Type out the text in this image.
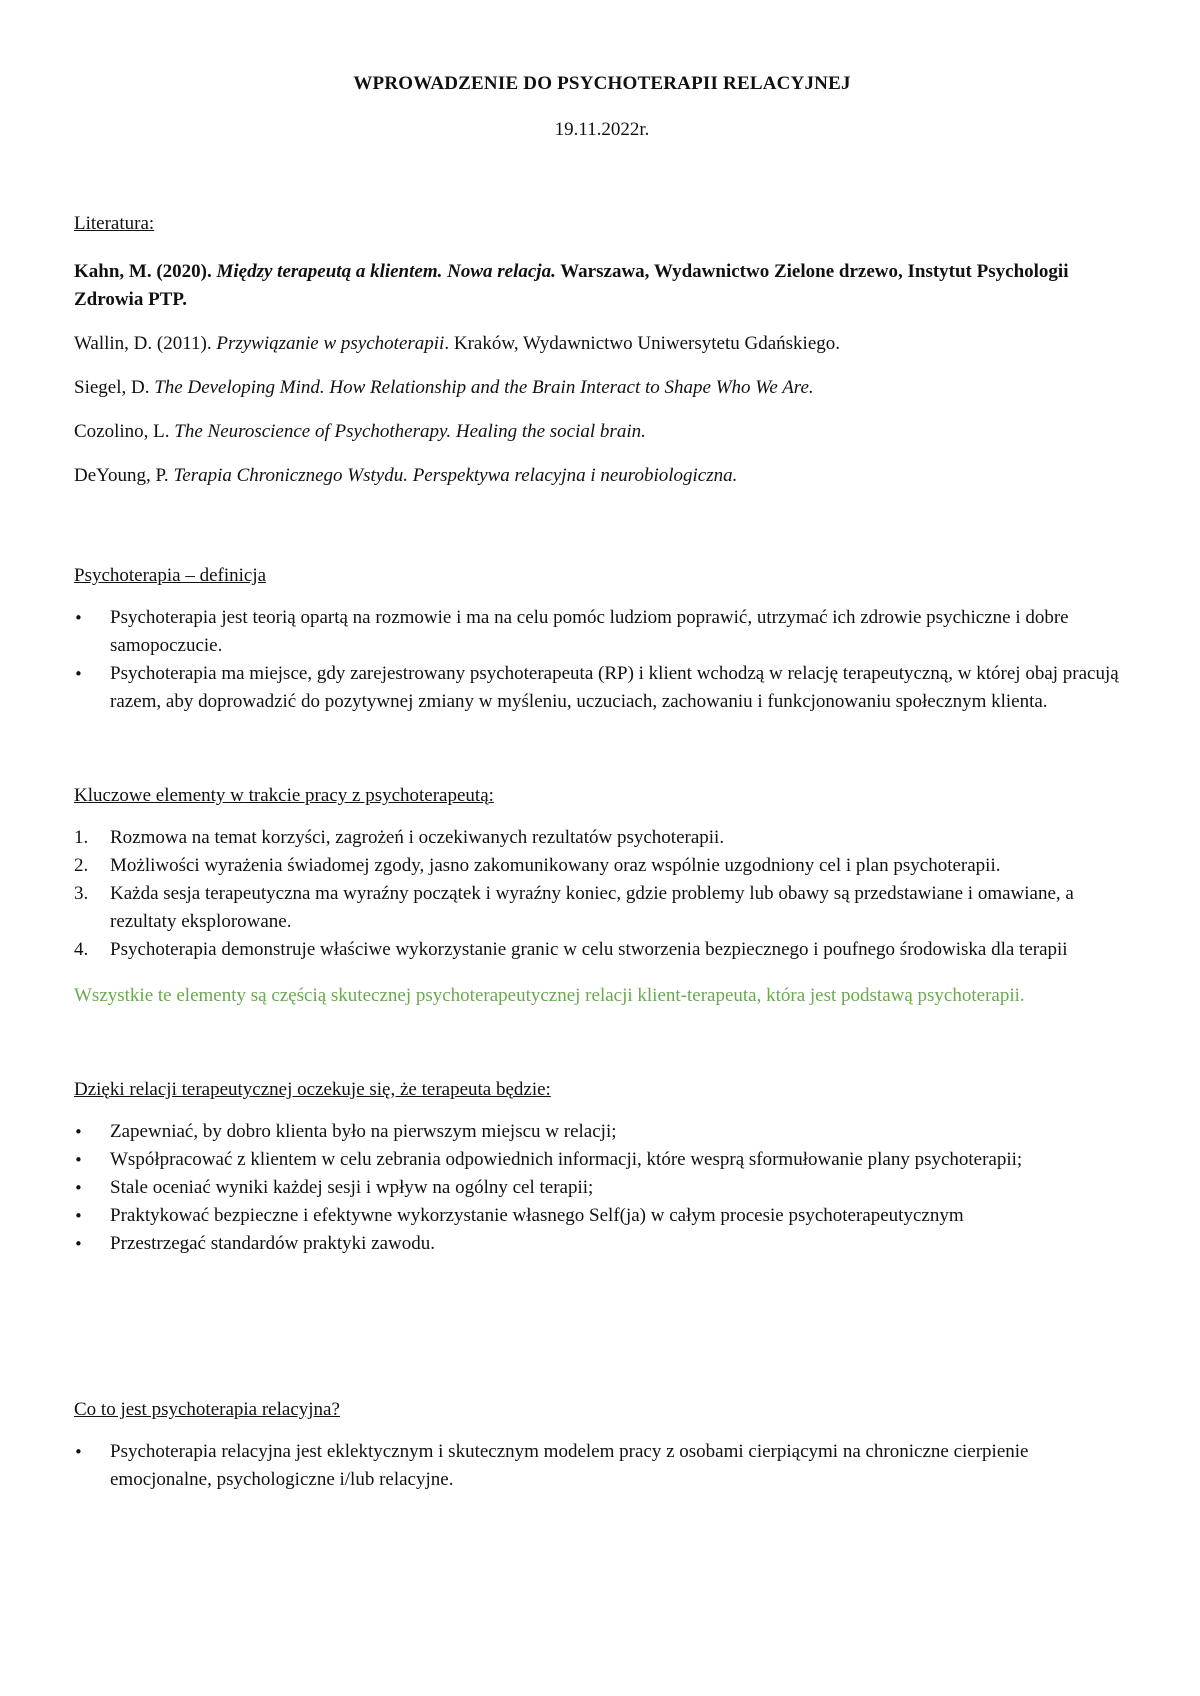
WPROWADZENIE DO PSYCHOTERAPII RELACYJNEJ

19.11.2022r.

Literatura:

Kahn, M. (2020). Między terapeutą a klientem. Nowa relacja. Warszawa, Wydawnictwo Zielone drzewo, Instytut Psychologii Zdrowia PTP.

Wallin, D. (2011). Przywiązanie w psychoterapii. Kraków, Wydawnictwo Uniwersytetu Gdańskiego.

Siegel, D. The Developing Mind. How Relationship and the Brain Interact to Shape Who We Are.

Cozolino, L. The Neuroscience of Psychotherapy. Healing the social brain.

DeYoung, P. Terapia Chronicznego Wstydu. Perspektywa relacyjna i neurobiologiczna.

Psychoterapia – definicja

•	Psychoterapia jest teorią opartą na rozmowie i ma na celu pomóc ludziom poprawić, utrzymać ich zdrowie psychiczne i dobre samopoczucie.
•	Psychoterapia ma miejsce, gdy zarejestrowany psychoterapeuta (RP) i klient wchodzą w relację terapeutyczną, w której obaj pracują razem, aby doprowadzić do pozytywnej zmiany w myśleniu, uczuciach, zachowaniu i funkcjonowaniu społecznym klienta.

Kluczowe elementy w trakcie pracy z psychoterapeutą:

1.	Rozmowa na temat korzyści, zagrożeń i oczekiwanych rezultatów psychoterapii.
2.	Możliwości wyrażenia świadomej zgody, jasno zakomunikowany oraz wspólnie uzgodniony cel i plan psychoterapii.
3.	Każda sesja terapeutyczna ma wyraźny początek i wyraźny koniec, gdzie problemy lub obawy są przedstawiane i omawiane, a rezultaty eksplorowane.
4.	Psychoterapia demonstruje właściwe wykorzystanie granic w celu stworzenia bezpiecznego i poufnego środowiska dla terapii

Wszystkie te elementy są częścią skutecznej psychoterapeutycznej relacji klient-terapeuta, która jest podstawą psychoterapii.

Dzięki relacji terapeutycznej oczekuje się, że terapeuta będzie:

•	Zapewniać, by dobro klienta było na pierwszym miejscu w relacji;
•	Współpracować z klientem w celu zebrania odpowiednich informacji, które wesprą sformułowanie plany psychoterapii;
•	Stale oceniać wyniki każdej sesji i wpływ na ogólny cel terapii;
•	Praktykować bezpieczne i efektywne wykorzystanie własnego Self(ja) w całym procesie psychoterapeutycznym
•	Przestrzegać standardów praktyki zawodu.

Co to jest psychoterapia relacyjna?

•	Psychoterapia relacyjna jest eklektycznym i skutecznym modelem pracy z osobami cierpiącymi na chroniczne cierpienie emocjonalne, psychologiczne i/lub relacyjne.
